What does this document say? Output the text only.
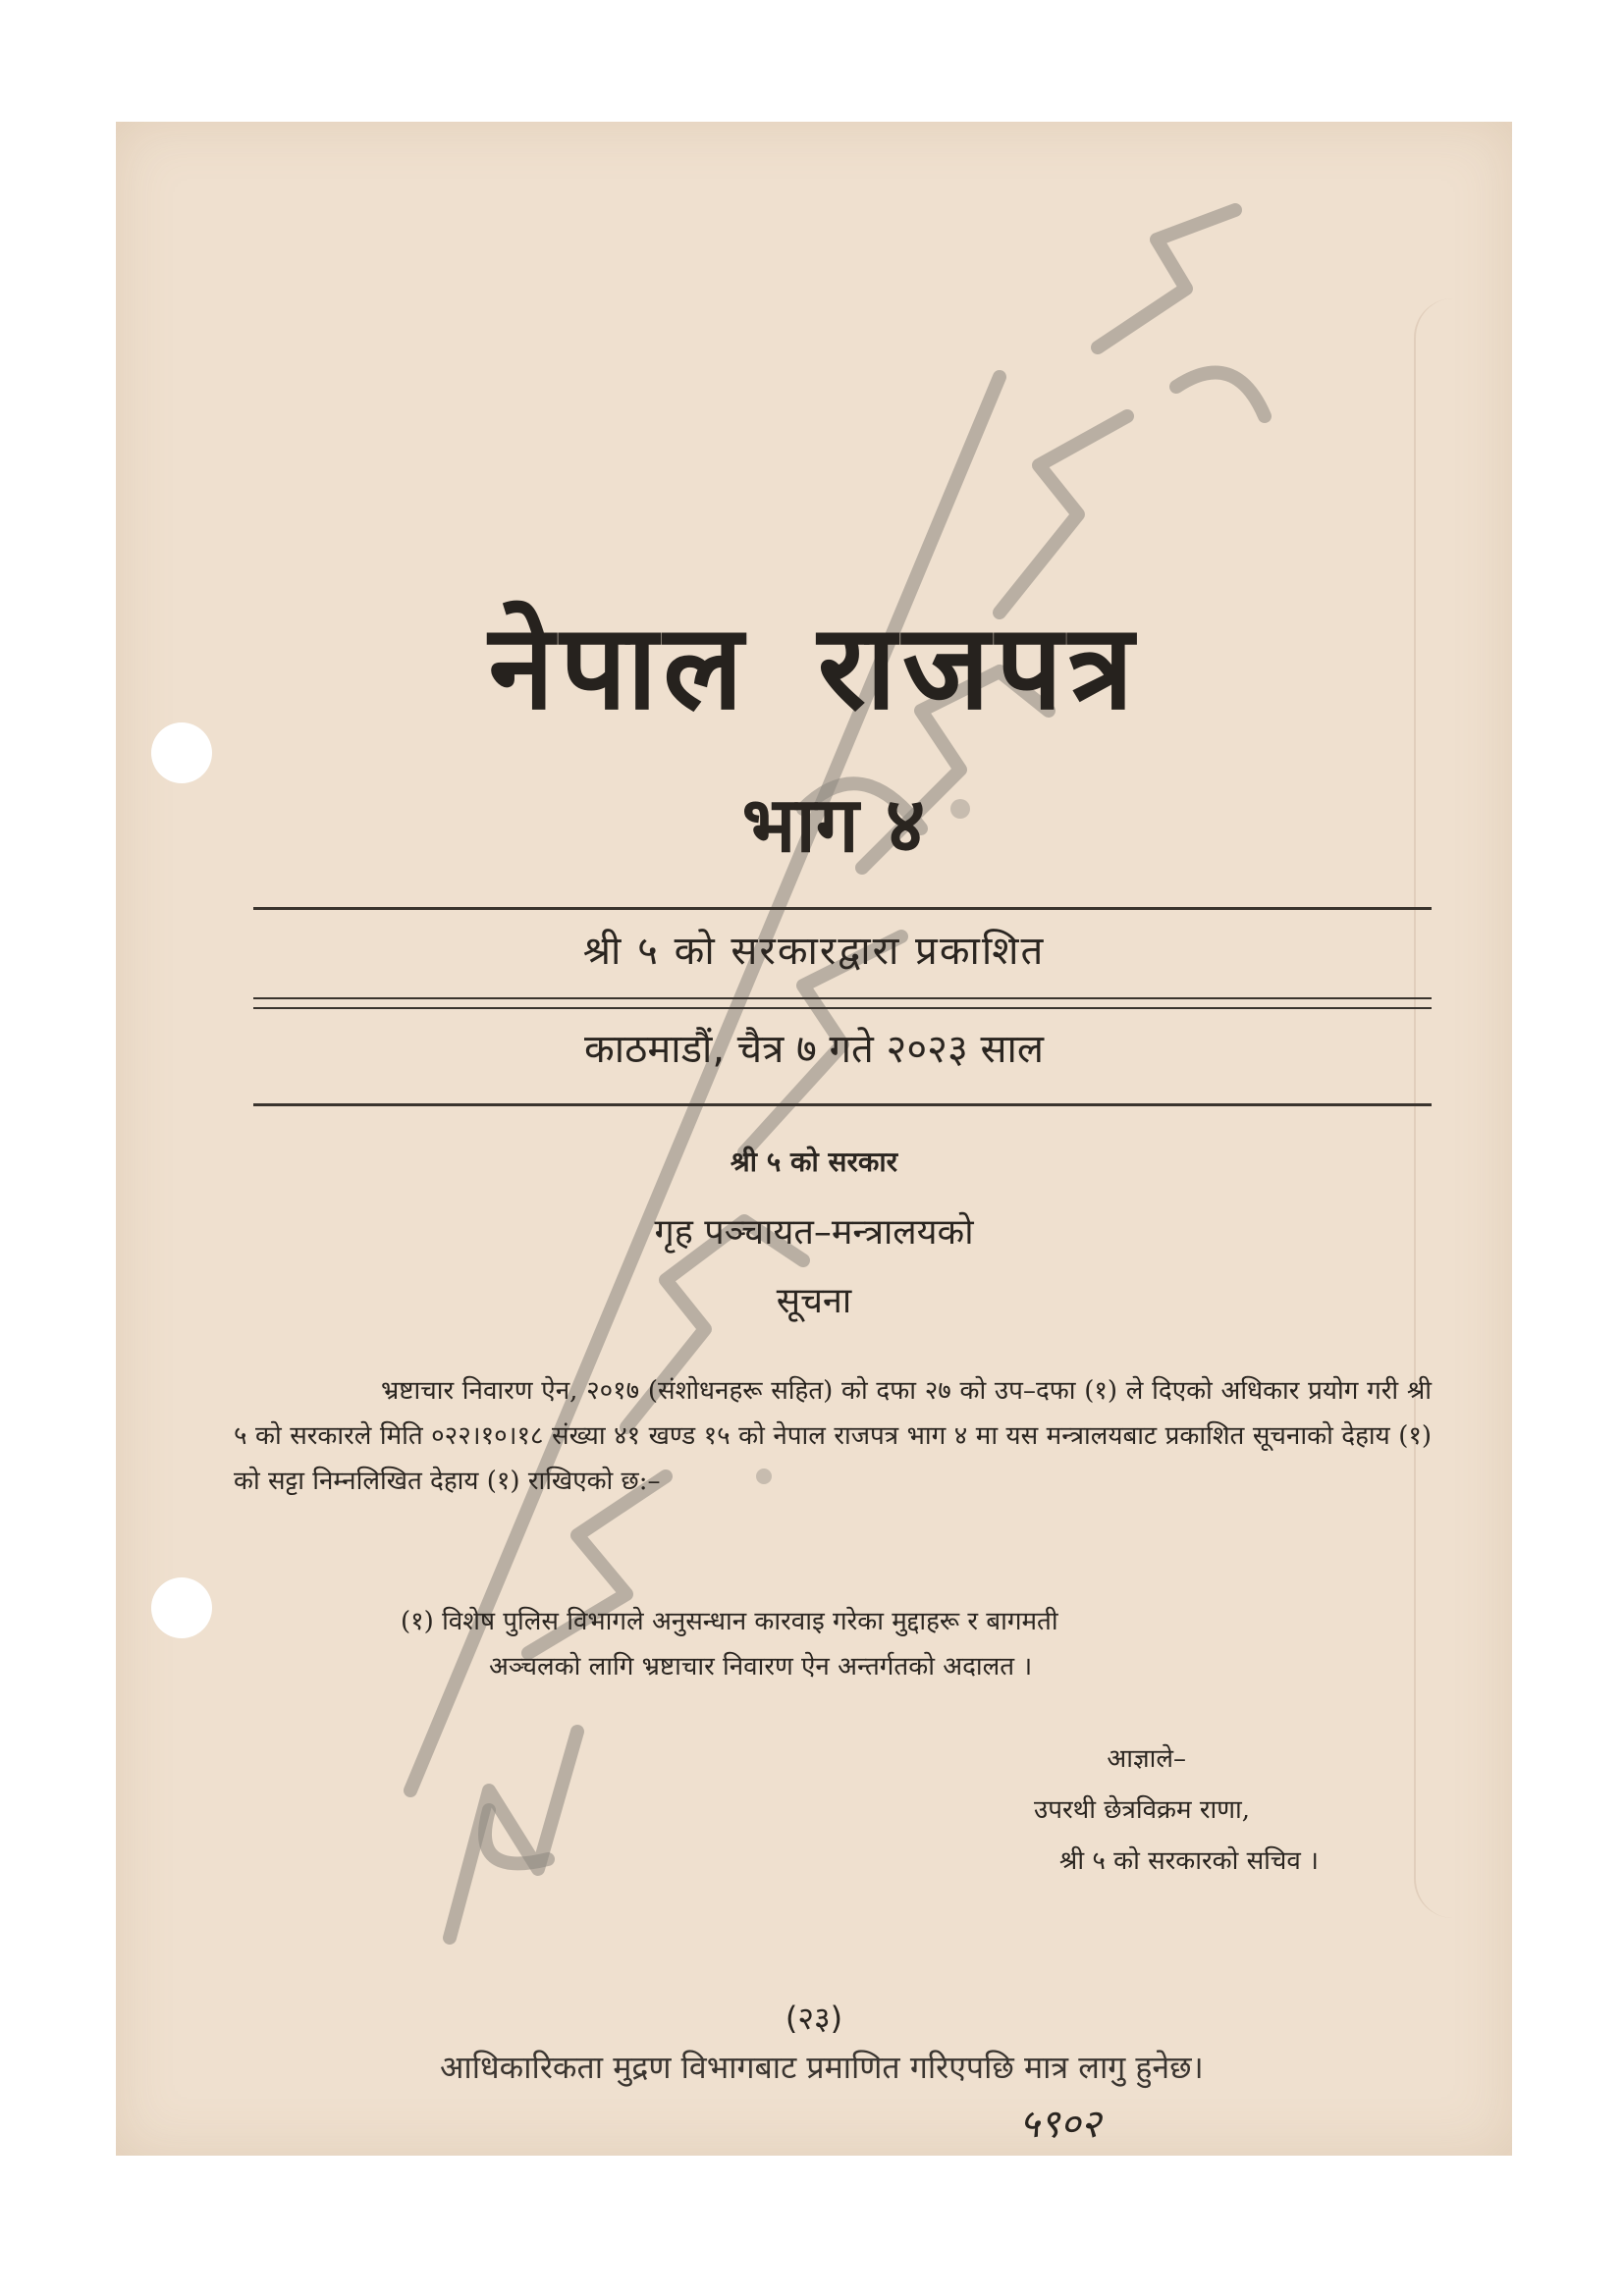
नेपाल राजपत्र
भाग ४
श्री ५ को सरकारद्वारा प्रकाशित
काठमाडौं, चैत्र ७ गते २०२३ साल
श्री ५ को सरकार
गृह पञ्चायत–मन्त्रालयको
सूचना
भ्रष्टाचार निवारण ऐन, २०१७ (संशोधनहरू सहित) को दफा २७ को उप–दफा (१) ले दिएको अधिकार प्रयोग गरी श्री ५ को सरकारले मिति ०२२।१०।१८ संख्या ४१ खण्ड १५ को नेपाल राजपत्र भाग ४ मा यस मन्त्रालयबाट प्रकाशित सूचनाको देहाय (१) को सट्टा निम्नलिखित देहाय (१) राखिएको छ:–
(१) विशेष पुलिस विभागले अनुसन्धान कारवाइ गरेका मुद्दाहरू र बागमती
अञ्चलको लागि भ्रष्टाचार निवारण ऐन अन्तर्गतको अदालत ।
आज्ञाले–
उपरथी छेत्रविक्रम राणा,
श्री ५ को सरकारको सचिव ।
(२३)
आधिकारिकता मुद्रण विभागबाट प्रमाणित गरिएपछि मात्र लागु हुनेछ।
५९०२
